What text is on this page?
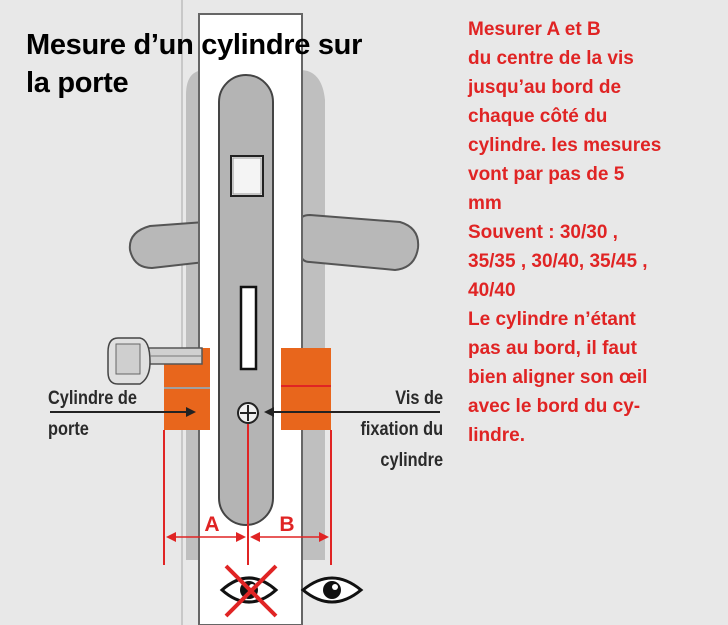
A	B
Mesure d’un cylindre sur
la porte
Mesurer A et B
du centre de la vis
jusqu’au bord de
chaque côté du
cylindre. les mesures
vont par pas de 5
mm
Souvent : 30/30 ,
35/35 , 30/40, 35/45 ,
40/40
Le cylindre n’étant
pas au bord, il faut
bien aligner son œil
avec le bord du cy-
lindre.
Cylindre de
porte
Vis de
fixation du
cylindre
